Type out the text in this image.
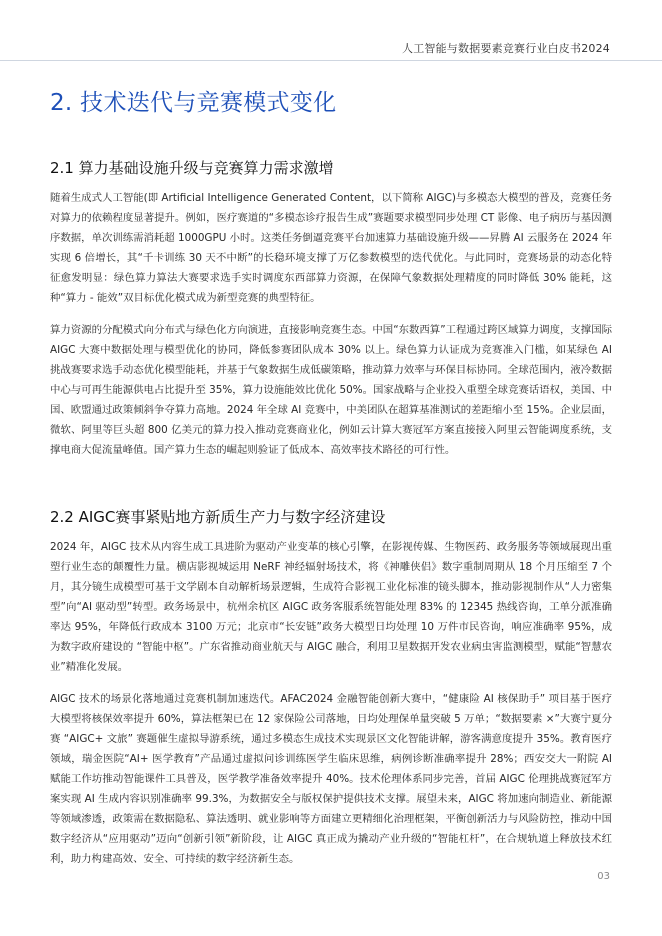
人工智能与数据要素竞赛行业白皮书2024
2. 技术迭代与竞赛模式变化
2.1 算力基础设施升级与竞赛算力需求激增

随着生成式人工智能(即 Artificial Intelligence Generated Content，以下简称 AIGC)与多模态大模型的普及，竞赛任务对算力的依赖程度显著提升。例如，医疗赛道的“多模态诊疗报告生成”赛题要求模型同步处理 CT 影像、电子病历与基因测序数据，单次训练需消耗超 1000GPU 小时。这类任务倒逼竞赛平台加速算力基础设施升级——昇腾 AI 云服务在 2024 年实现 6 倍增长，其“千卡训练 30 天不中断”的长稳环境支撑了万亿参数模型的迭代优化。与此同时，竞赛场景的动态化特征愈发明显：绿色算力算法大赛要求选手实时调度东西部算力资源，在保障气象数据处理精度的同时降低 30% 能耗，这种“算力 - 能效”双目标优化模式成为新型竞赛的典型特征。

算力资源的分配模式向分布式与绿色化方向演进，直接影响竞赛生态。中国“东数西算”工程通过跨区域算力调度，支撑国际 AIGC 大赛中数据处理与模型优化的协同，降低参赛团队成本 30% 以上。绿色算力认证成为竞赛准入门槛，如某绿色 AI 挑战赛要求选手动态优化模型能耗，并基于气象数据生成低碳策略，推动算力效率与环保目标协同。全球范围内，液冷数据中心与可再生能源供电占比提升至 35%，算力设施能效比优化 50%。国家战略与企业投入重塑全球竞赛话语权，美国、中国、欧盟通过政策倾斜争夺算力高地。2024 年全球 AI 竞赛中，中美团队在超算基准测试的差距缩小至 15%。企业层面，微软、阿里等巨头超 800 亿美元的算力投入推动竞赛商业化，例如云计算大赛冠军方案直接接入阿里云智能调度系统，支撑电商大促流量峰值。国产算力生态的崛起则验证了低成本、高效率技术路径的可行性。

2.2 AIGC赛事紧贴地方新质生产力与数字经济建设

2024 年，AIGC 技术从内容生成工具进阶为驱动产业变革的核心引擎，在影视传媒、生物医药、政务服务等领域展现出重塑行业生态的颠覆性力量。横店影视城运用 NeRF 神经辐射场技术，将《神雕侠侣》数字重制周期从 18 个月压缩至 7 个月，其分镜生成模型可基于文学剧本自动解析场景逻辑，生成符合影视工业化标准的镜头脚本，推动影视制作从“人力密集型”向“AI 驱动型”转型。政务场景中，杭州余杭区 AIGC 政务客服系统智能处理 83% 的 12345 热线咨询，工单分派准确率达 95%，年降低行政成本 3100 万元；北京市“长安链”政务大模型日均处理 10 万件市民咨询，响应准确率 95%，成为数字政府建设的 “智能中枢”。广东省推动商业航天与 AIGC 融合，利用卫星数据开发农业病虫害监测模型，赋能“智慧农业”精准化发展。

AIGC 技术的场景化落地通过竞赛机制加速迭代。AFAC2024 金融智能创新大赛中，“健康险 AI 核保助手” 项目基于医疗大模型将核保效率提升 60%，算法框架已在 12 家保险公司落地，日均处理保单量突破 5 万单；“数据要素 ×”大赛宁夏分赛 “AIGC+ 文旅” 赛题催生虚拟导游系统，通过多模态生成技术实现景区文化智能讲解，游客满意度提升 35%。教育医疗领域，瑞金医院“AI+ 医学教育”产品通过虚拟问诊训练医学生临床思维，病例诊断准确率提升 28%；西安交大一附院 AI 赋能工作坊推动智能课件工具普及，医学教学准备效率提升 40%。技术伦理体系同步完善，首届 AIGC 伦理挑战赛冠军方案实现 AI 生成内容识别准确率 99.3%，为数据安全与版权保护提供技术支撑。展望未来，AIGC 将加速向制造业、新能源等领域渗透，政策需在数据隐私、算法透明、就业影响等方面建立更精细化治理框架，平衡创新活力与风险防控，推动中国数字经济从“应用驱动”迈向“创新引领”新阶段，让 AIGC 真正成为撬动产业升级的“智能杠杆”，在合规轨道上释放技术红利，助力构建高效、安全、可持续的数字经济新生态。

03
